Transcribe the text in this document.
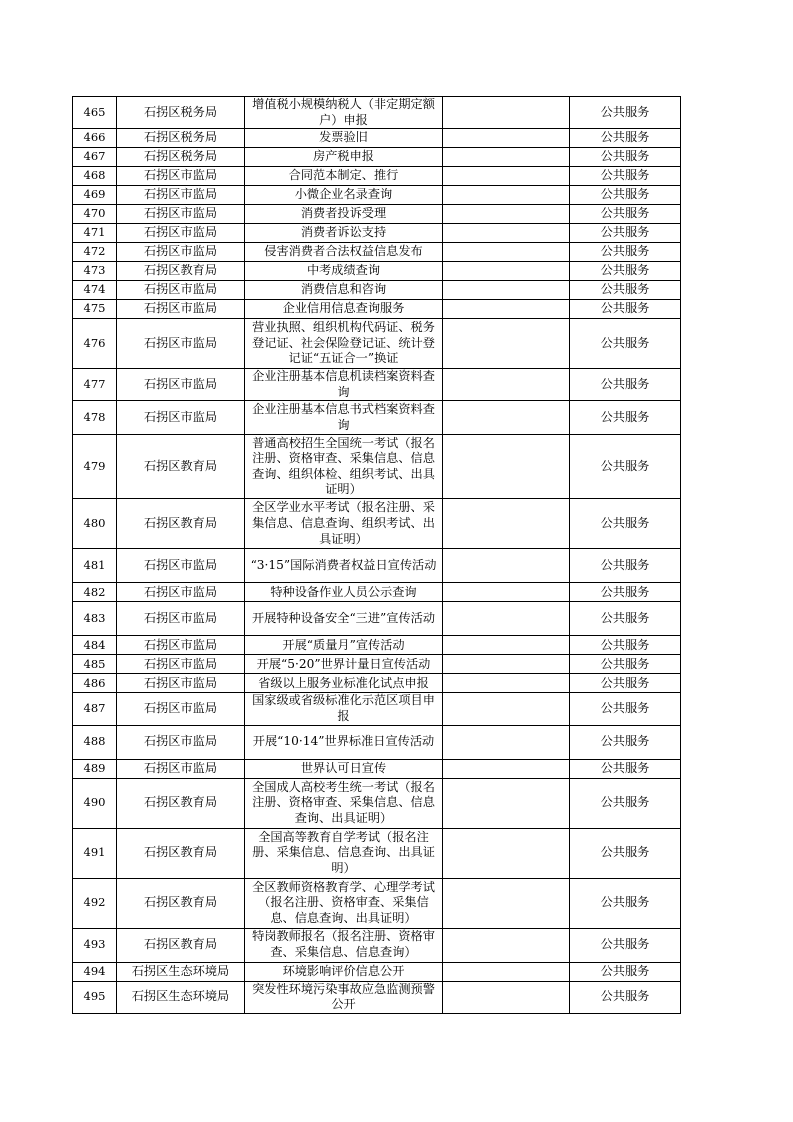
465	石拐区税务局	增值税小规模纳税人（非定期定额户）申报		公共服务
466	石拐区税务局	发票验旧		公共服务
467	石拐区税务局	房产税申报		公共服务
468	石拐区市监局	合同范本制定、推行		公共服务
469	石拐区市监局	小微企业名录查询		公共服务
470	石拐区市监局	消费者投诉受理		公共服务
471	石拐区市监局	消费者诉讼支持		公共服务
472	石拐区市监局	侵害消费者合法权益信息发布		公共服务
473	石拐区教育局	中考成绩查询		公共服务
474	石拐区市监局	消费信息和咨询		公共服务
475	石拐区市监局	企业信用信息查询服务		公共服务
476	石拐区市监局	营业执照、组织机构代码证、税务登记证、社会保险登记证、统计登记证“五证合一”换证		公共服务
477	石拐区市监局	企业注册基本信息机读档案资料查询		公共服务
478	石拐区市监局	企业注册基本信息书式档案资料查询		公共服务
479	石拐区教育局	普通高校招生全国统一考试（报名注册、资格审查、采集信息、信息查询、组织体检、组织考试、出具证明）		公共服务
480	石拐区教育局	全区学业水平考试（报名注册、采集信息、信息查询、组织考试、出具证明）		公共服务
481	石拐区市监局	“3·15”国际消费者权益日宣传活动		公共服务
482	石拐区市监局	特种设备作业人员公示查询		公共服务
483	石拐区市监局	开展特种设备安全“三进”宣传活动		公共服务
484	石拐区市监局	开展“质量月”宣传活动		公共服务
485	石拐区市监局	开展“5·20”世界计量日宣传活动		公共服务
486	石拐区市监局	省级以上服务业标准化试点申报		公共服务
487	石拐区市监局	国家级或省级标准化示范区项目申报		公共服务
488	石拐区市监局	开展“10·14”世界标准日宣传活动		公共服务
489	石拐区市监局	世界认可日宣传		公共服务
490	石拐区教育局	全国成人高校考生统一考试（报名注册、资格审查、采集信息、信息查询、出具证明）		公共服务
491	石拐区教育局	全国高等教育自学考试（报名注册、采集信息、信息查询、出具证明）		公共服务
492	石拐区教育局	全区教师资格教育学、心理学考试（报名注册、资格审查、采集信息、信息查询、出具证明）		公共服务
493	石拐区教育局	特岗教师报名（报名注册、资格审查、采集信息、信息查询）		公共服务
494	石拐区生态环境局	环境影响评价信息公开		公共服务
495	石拐区生态环境局	突发性环境污染事故应急监测预警公开		公共服务
